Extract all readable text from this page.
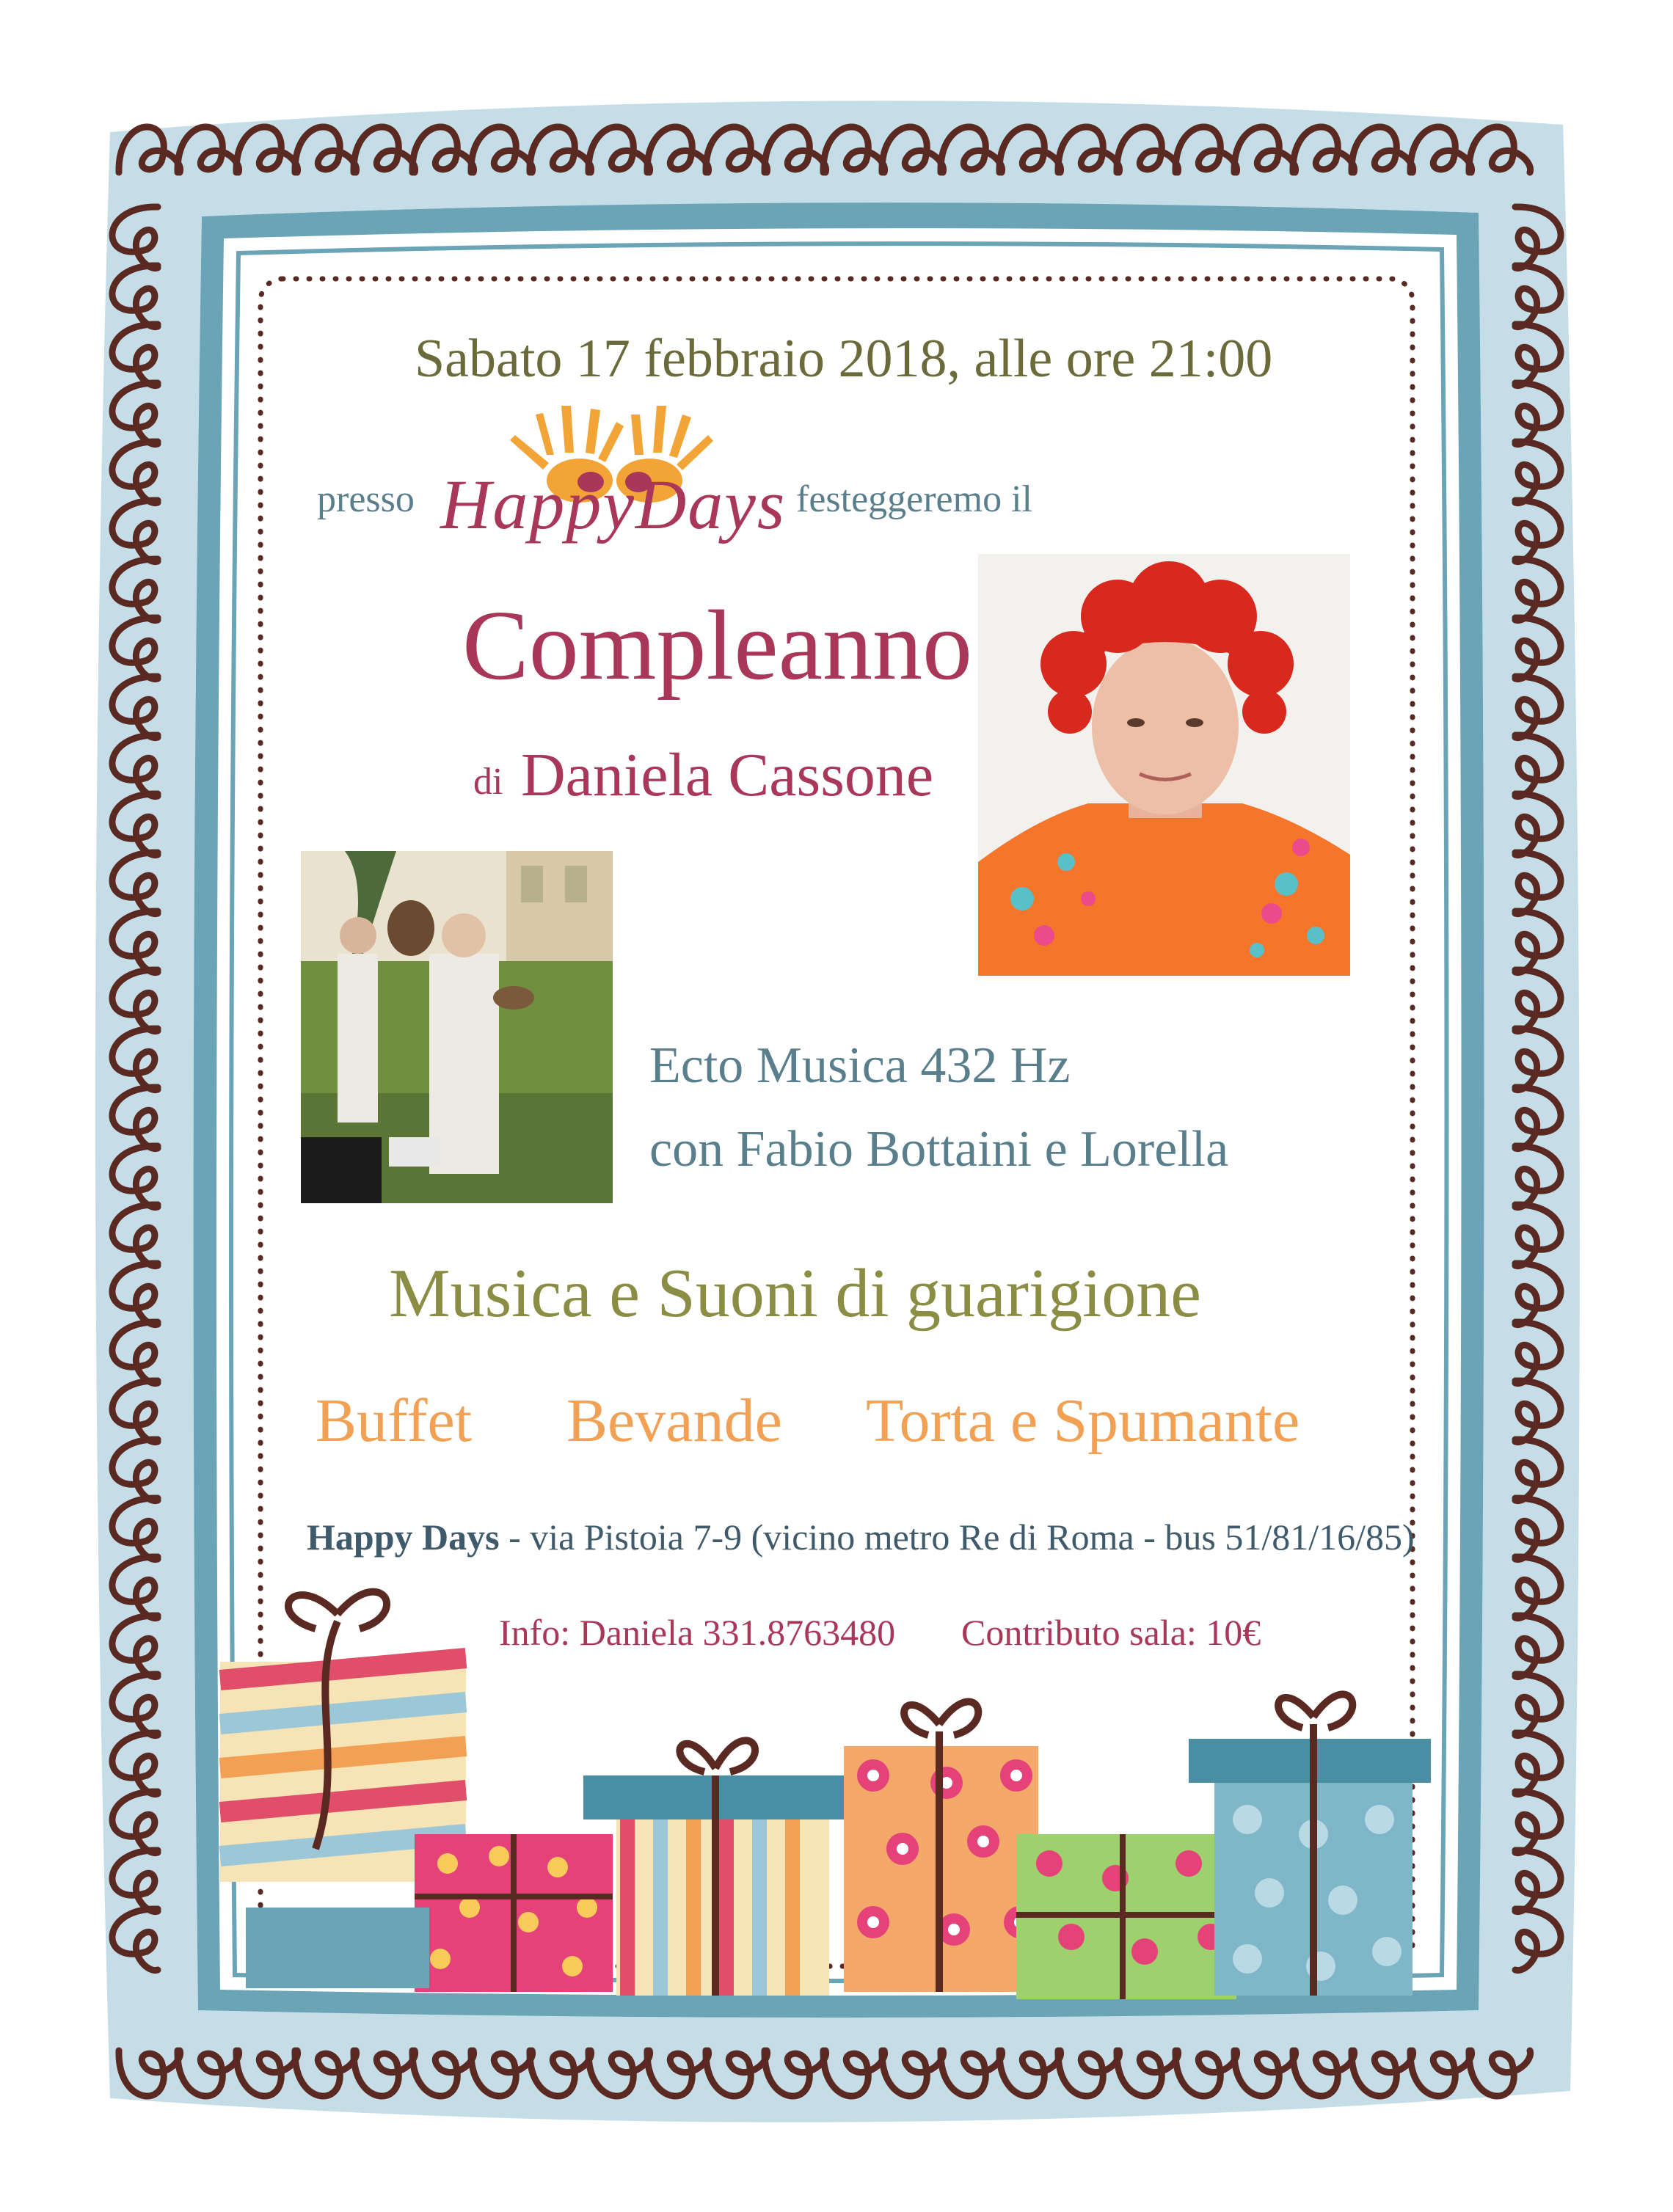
Sabato 17 febbraio 2018, alle ore 21:00
presso HappyDays festeggeremo il
Compleanno
di Daniela Cassone
Ecto Musica 432 Hz
con Fabio Bottaini e Lorella
Musica e Suoni di guarigione
Buffet Bevande Torta e Spumante
Happy Days - via Pistoia 7-9 (vicino metro Re di Roma - bus 51/81/16/85)
Info: Daniela 331.8763480 Contributo sala: 10€
